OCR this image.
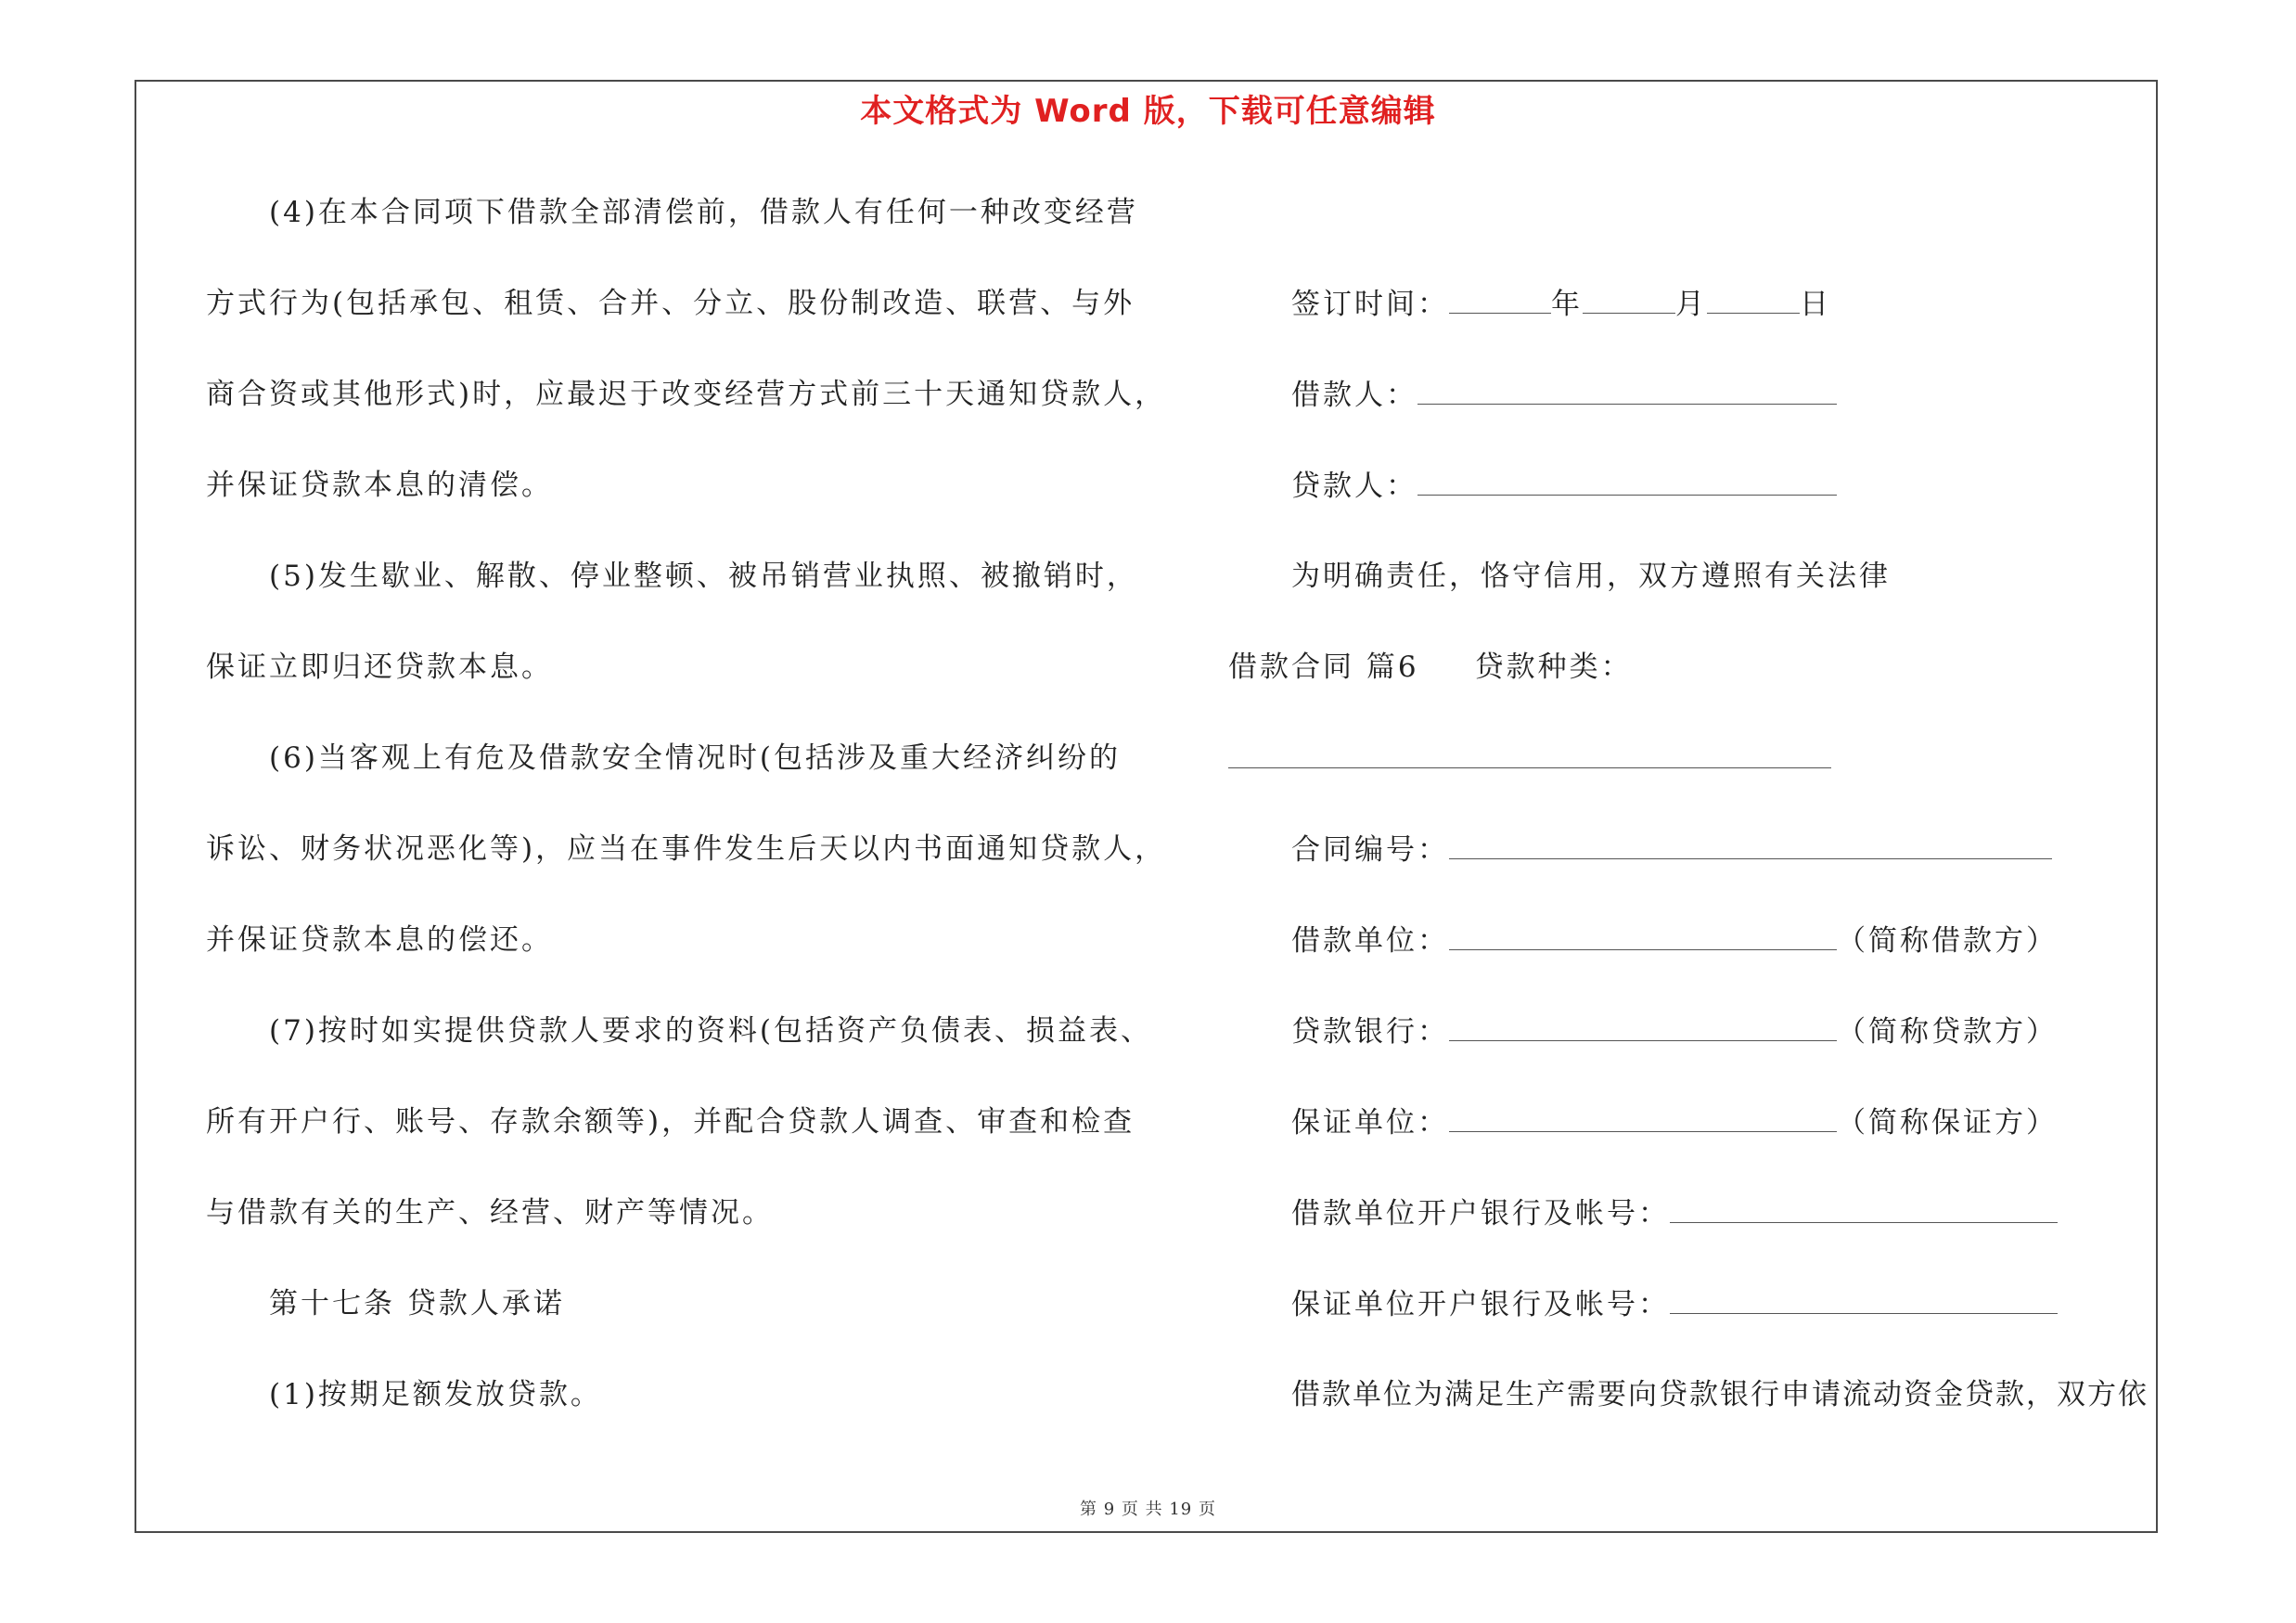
本文格式为 Word 版，下载可任意编辑
(4)在本合同项下借款全部清偿前，借款人有任何一种改变经营
方式行为(包括承包、租赁、合并、分立、股份制改造、联营、与外
商合资或其他形式)时，应最迟于改变经营方式前三十天通知贷款人，
并保证贷款本息的清偿。
(5)发生歇业、解散、停业整顿、被吊销营业执照、被撤销时，
保证立即归还贷款本息。
(6)当客观上有危及借款安全情况时(包括涉及重大经济纠纷的
诉讼、财务状况恶化等)，应当在事件发生后天以内书面通知贷款人，
并保证贷款本息的偿还。
(7)按时如实提供贷款人要求的资料(包括资产负债表、损益表、
所有开户行、账号、存款余额等)，并配合贷款人调查、审查和检查
与借款有关的生产、经营、财产等情况。
第十七条 贷款人承诺
(1)按期足额发放贷款。
签订时间：	年	月	日
借款人：
贷款人：
为明确责任，恪守信用，双方遵照有关法律
借款合同 篇6 贷款种类：
合同编号：
借款单位：	（简称借款方）
贷款银行：	（简称贷款方）
保证单位：	（简称保证方）
借款单位开户银行及帐号：
保证单位开户银行及帐号：
借款单位为满足生产需要向贷款银行申请流动资金贷款，双方依
第 9 页 共 19 页
